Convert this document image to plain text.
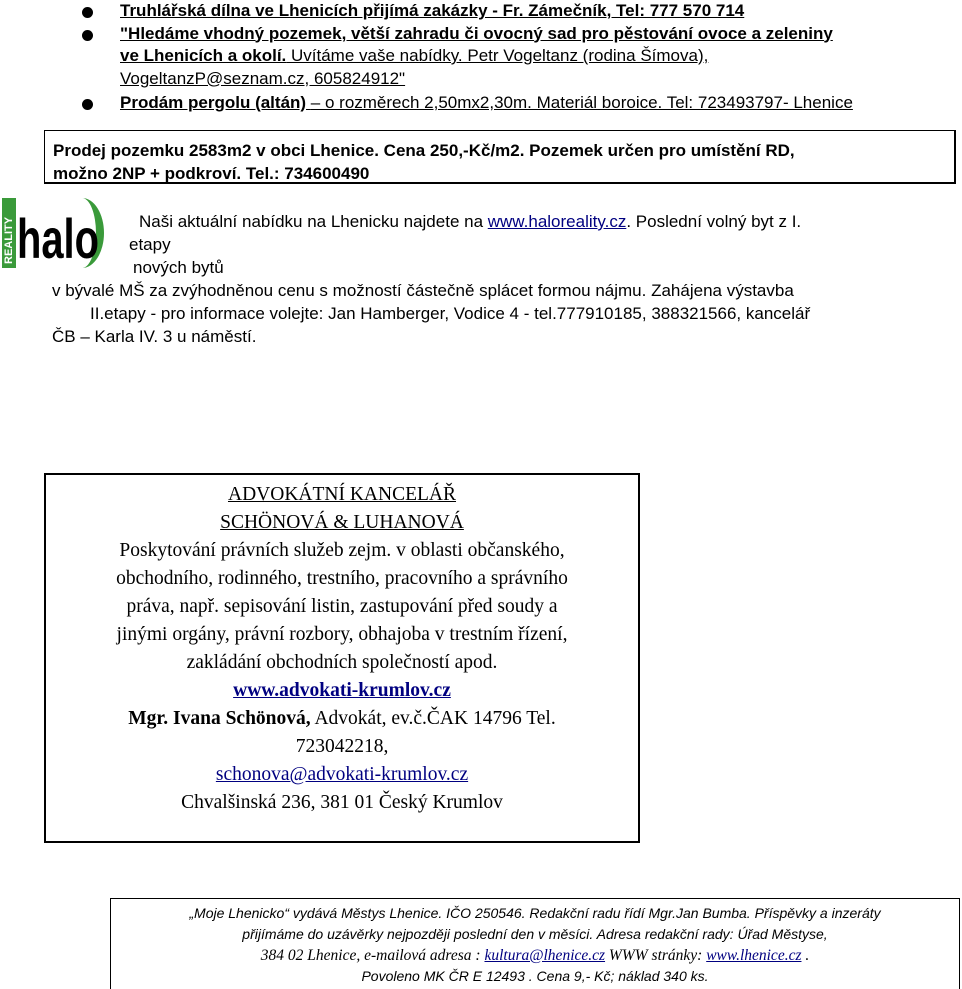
Truhlářská dílna ve Lhenicích přijímá zakázky - Fr. Zámečník, Tel: 777 570 714
"Hledáme vhodný pozemek, větší zahradu či ovocný sad pro pěstování ovoce a zeleniny
ve Lhenicích a okolí. Uvítáme vaše nabídky. Petr Vogeltanz (rodina Šímova),
VogeltanzP@seznam.cz, 605824912"
Prodám pergolu (altán) – o rozměrech 2,50mx2,30m. Materiál boroice. Tel: 723493797- Lhenice
Prodej pozemku 2583m2 v obci Lhenice. Cena 250,-Kč/m2. Pozemek určen pro umístění RD,
možno 2NP + podkroví. Tel.: 734600490
REALITY halo Naši aktuální nabídku na Lhenicku najdete na www.haloreality.cz. Poslední volný byt z I.
etapy
nových bytů
v bývalé MŠ za zvýhodněnou cenu s možností částečně splácet formou nájmu. Zahájena výstavba
II.etapy - pro informace volejte: Jan Hamberger, Vodice 4 - tel.777910185, 388321566, kancelář
ČB – Karla IV. 3 u náměstí.
ADVOKÁTNÍ KANCELÁŘ
SCHÖNOVÁ & LUHANOVÁ
Poskytování právních služeb zejm. v oblasti občanského,
obchodního, rodinného, trestního, pracovního a správního
práva, např. sepisování listin, zastupování před soudy a
jinými orgány, právní rozbory, obhajoba v trestním řízení,
zakládání obchodních společností apod.
www.advokati-krumlov.cz
Mgr. Ivana Schönová, Advokát, ev.č.ČAK 14796 Tel.
723042218,
schonova@advokati-krumlov.cz
Chvalšinská 236, 381 01 Český Krumlov
„Moje Lhenicko“ vydává Městys Lhenice. IČO 250546. Redakční radu řídí Mgr.Jan Bumba. Příspěvky a inzeráty
přijímáme do uzávěrky nejpozději poslední den v měsíci. Adresa redakční rady: Úřad Městyse,
384 02 Lhenice, e-mailová adresa : kultura@lhenice.cz WWW stránky: www.lhenice.cz .
Povoleno MK ČR E 12493 . Cena 9,- Kč; náklad 340 ks.
